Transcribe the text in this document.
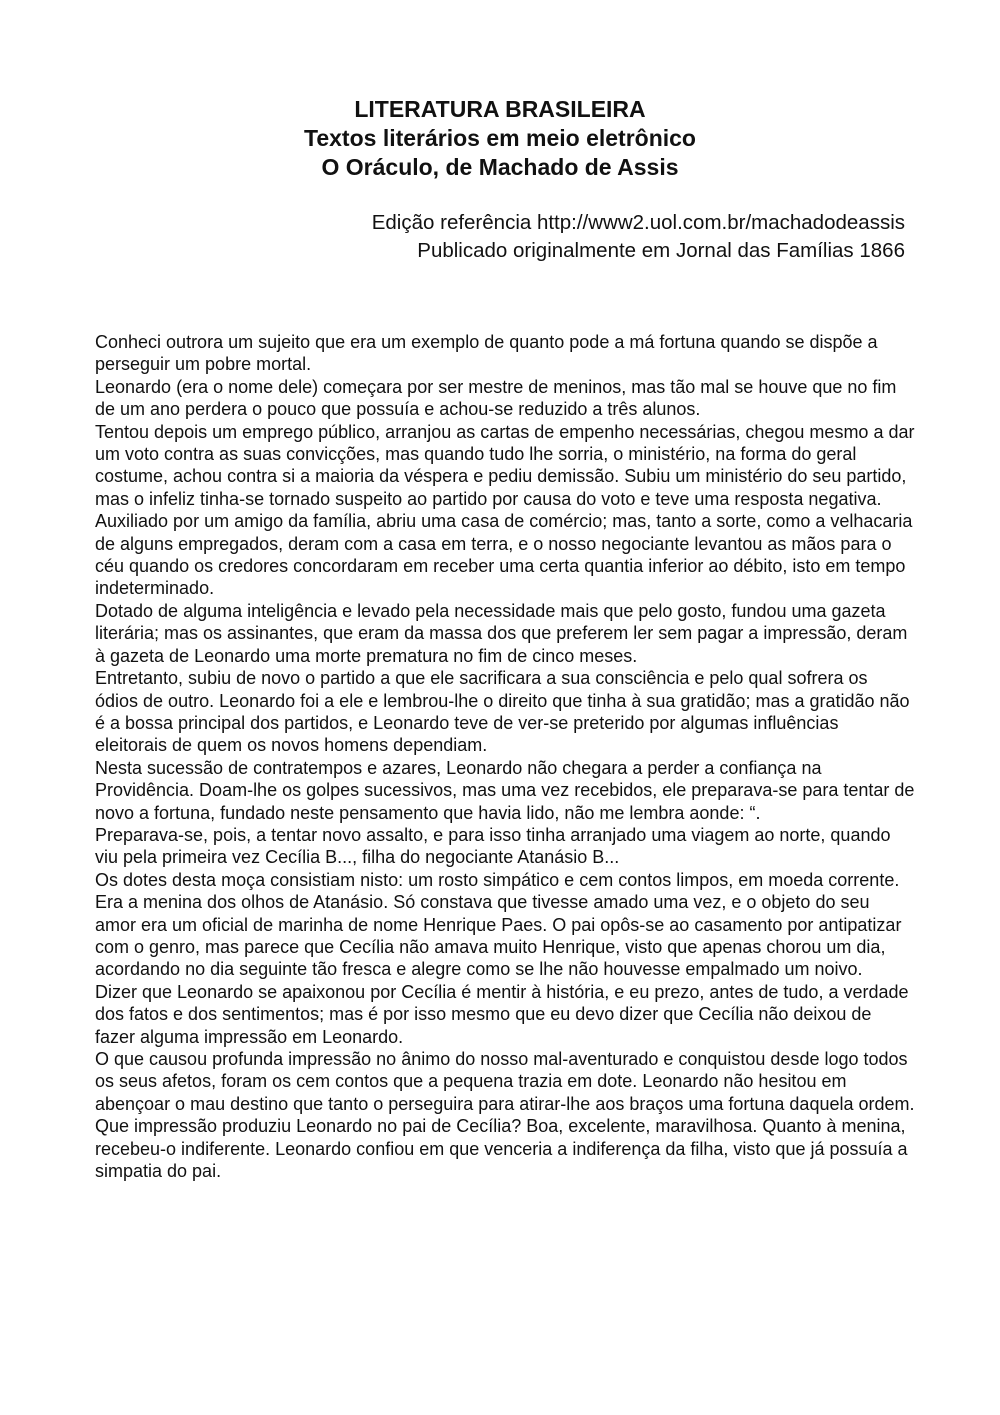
LITERATURA BRASILEIRA
Textos literários em meio eletrônico
O Oráculo, de Machado de Assis
Edição referência http://www2.uol.com.br/machadodeassis
Publicado originalmente em Jornal das Famílias 1866

Conheci outrora um sujeito que era um exemplo de quanto pode a má fortuna quando se dispõe a perseguir um pobre mortal.

Leonardo (era o nome dele) começara por ser mestre de meninos, mas tão mal se houve que no fim de um ano perdera o pouco que possuía e achou-se reduzido a três alunos.

Tentou depois um emprego público, arranjou as cartas de empenho necessárias, chegou mesmo a dar um voto contra as suas convicções, mas quando tudo lhe sorria, o ministério, na forma do geral costume, achou contra si a maioria da véspera e pediu demissão. Subiu um ministério do seu partido, mas o infeliz tinha-se tornado suspeito ao partido por causa do voto e teve uma resposta negativa.

Auxiliado por um amigo da família, abriu uma casa de comércio; mas, tanto a sorte, como a velhacaria de alguns empregados, deram com a casa em terra, e o nosso negociante levantou as mãos para o céu quando os credores concordaram em receber uma certa quantia inferior ao débito, isto em tempo indeterminado.

Dotado de alguma inteligência e levado pela necessidade mais que pelo gosto, fundou uma gazeta literária; mas os assinantes, que eram da massa dos que preferem ler sem pagar a impressão, deram à gazeta de Leonardo uma morte prematura no fim de cinco meses.

Entretanto, subiu de novo o partido a que ele sacrificara a sua consciência e pelo qual sofrera os ódios de outro. Leonardo foi a ele e lembrou-lhe o direito que tinha à sua gratidão; mas a gratidão não é a bossa principal dos partidos, e Leonardo teve de ver-se preterido por algumas influências eleitorais de quem os novos homens dependiam.

Nesta sucessão de contratempos e azares, Leonardo não chegara a perder a confiança na Providência. Doam-lhe os golpes sucessivos, mas uma vez recebidos, ele preparava-se para tentar de novo a fortuna, fundado neste pensamento que havia lido, não me lembra aonde: “.

Preparava-se, pois, a tentar novo assalto, e para isso tinha arranjado uma viagem ao norte, quando viu pela primeira vez Cecília B..., filha do negociante Atanásio B...

Os dotes desta moça consistiam nisto: um rosto simpático e cem contos limpos, em moeda corrente. Era a menina dos olhos de Atanásio. Só constava que tivesse amado uma vez, e o objeto do seu amor era um oficial de marinha de nome Henrique Paes. O pai opôs-se ao casamento por antipatizar com o genro, mas parece que Cecília não amava muito Henrique, visto que apenas chorou um dia, acordando no dia seguinte tão fresca e alegre como se lhe não houvesse empalmado um noivo.

Dizer que Leonardo se apaixonou por Cecília é mentir à história, e eu prezo, antes de tudo, a verdade dos fatos e dos sentimentos; mas é por isso mesmo que eu devo dizer que Cecília não deixou de fazer alguma impressão em Leonardo.

O que causou profunda impressão no ânimo do nosso mal-aventurado e conquistou desde logo todos os seus afetos, foram os cem contos que a pequena trazia em dote. Leonardo não hesitou em abençoar o mau destino que tanto o perseguira para atirar-lhe aos braços uma fortuna daquela ordem.

Que impressão produziu Leonardo no pai de Cecília? Boa, excelente, maravilhosa. Quanto à menina, recebeu-o indiferente. Leonardo confiou em que venceria a indiferença da filha, visto que já possuía a simpatia do pai.
